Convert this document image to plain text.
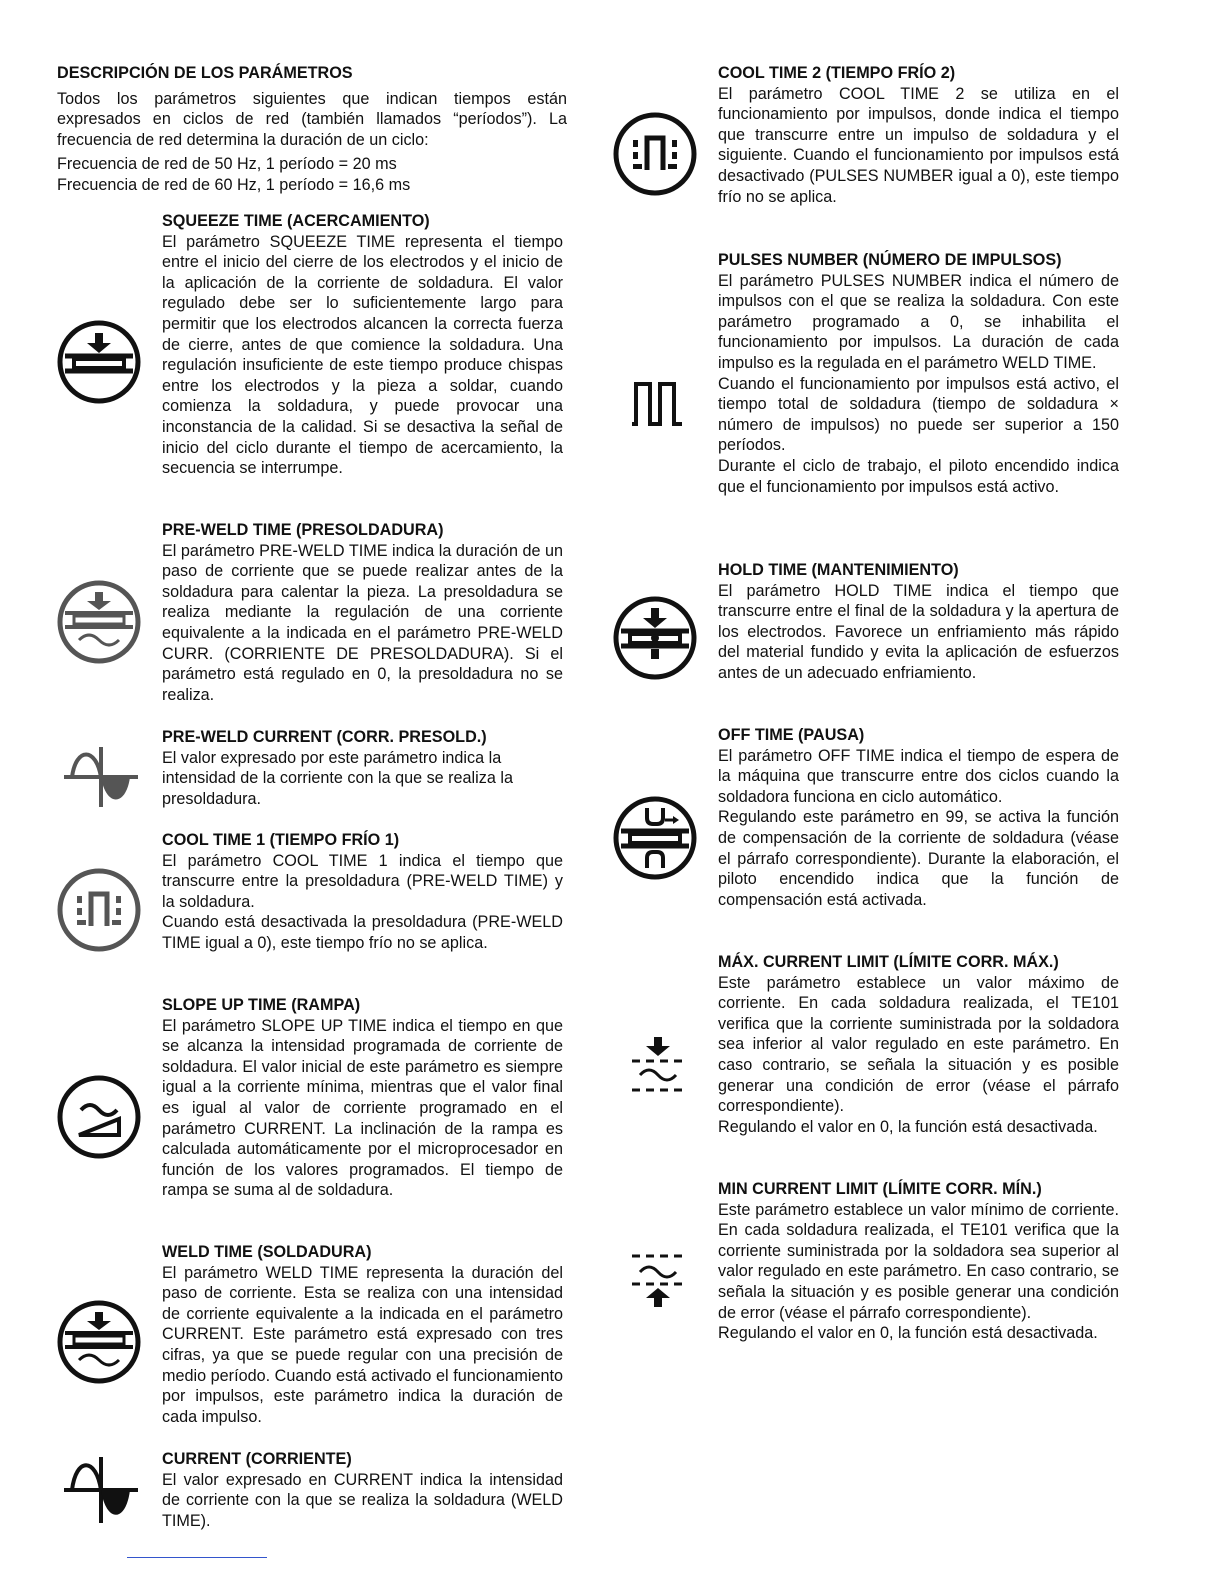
DESCRIPCIÓN DE LOS PARÁMETROS

Todos los parámetros siguientes que indican tiempos están expresados en ciclos de red (también llamados “períodos”). La frecuencia de red determina la duración de un ciclo:

Frecuencia de red de 50 Hz, 1 período = 20 ms

Frecuencia de red de 60 Hz, 1 período = 16,6 ms

SQUEEZE TIME (ACERCAMIENTO)

El parámetro SQUEEZE TIME representa el tiempo entre el inicio del cierre de los electrodos y el inicio de la aplicación de la corriente de soldadura. El valor regulado debe ser lo suficientemente largo para permitir que los electrodos alcancen la correcta fuerza de cierre, antes de que comience la soldadura. Una regulación insuficiente de este tiempo produce chispas entre los electrodos y la pieza a soldar, cuando comienza la soldadura, y puede provocar una inconstancia de la calidad. Si se desactiva la señal de inicio del ciclo durante el tiempo de acercamiento, la secuencia se interrumpe.

PRE-WELD TIME (PRESOLDADURA)

El parámetro PRE-WELD TIME indica la duración de un paso de corriente que se puede realizar antes de la soldadura para calentar la pieza. La presoldadura se realiza mediante la regulación de una corriente equivalente a la indicada en el parámetro PRE-WELD CURR. (CORRIENTE DE PRESOLDADURA). Si el parámetro está regulado en 0, la presoldadura no se realiza.

PRE-WELD CURRENT (CORR. PRESOLD.)

El valor expresado por este parámetro indica la intensidad de la corriente con la que se realiza la presoldadura.

COOL TIME 1 (TIEMPO FRÍO 1)

El parámetro COOL TIME 1 indica el tiempo que transcurre entre la presoldadura (PRE-WELD TIME) y la soldadura.
Cuando está desactivada la presoldadura (PRE-WELD TIME igual a 0), este tiempo frío no se aplica.

SLOPE UP TIME (RAMPA)

El parámetro SLOPE UP TIME indica el tiempo en que se alcanza la intensidad programada de corriente de soldadura. El valor inicial de este parámetro es siempre igual a la corriente mínima, mientras que el valor final es igual al valor de corriente programado en el parámetro CURRENT. La inclinación de la rampa es calculada automáticamente por el microprocesador en función de los valores programados. El tiempo de rampa se suma al de soldadura.

WELD TIME (SOLDADURA)

El parámetro WELD TIME representa la duración del paso de corriente. Esta se realiza con una intensidad de corriente equivalente a la indicada en el parámetro CURRENT. Este parámetro está expresado con tres cifras, ya que se puede regular con una precisión de medio período. Cuando está activado el funcionamiento por impulsos, este parámetro indica la duración de cada impulso.

CURRENT (CORRIENTE)

El valor expresado en CURRENT indica la intensidad de corriente con la que se realiza la soldadura (WELD TIME).

COOL TIME 2 (TIEMPO FRÍO 2)

El parámetro COOL TIME 2 se utiliza en el funcionamiento por impulsos, donde indica el tiempo que transcurre entre un impulso de soldadura y el siguiente. Cuando el funcionamiento por impulsos está desactivado (PULSES NUMBER igual a 0), este tiempo frío no se aplica.

PULSES NUMBER (NÚMERO DE IMPULSOS)

El parámetro PULSES NUMBER indica el número de impulsos con el que se realiza la soldadura. Con este parámetro programado a 0, se inhabilita el funcionamiento por impulsos. La duración de cada impulso es la regulada en el parámetro WELD TIME.
Cuando el funcionamiento por impulsos está activo, el tiempo total de soldadura (tiempo de soldadura × número de impulsos) no puede ser superior a 150 períodos.
Durante el ciclo de trabajo, el piloto encendido indica que el funcionamiento por impulsos está activo.

HOLD TIME (MANTENIMIENTO)

El parámetro HOLD TIME indica el tiempo que transcurre entre el final de la soldadura y la apertura de los electrodos. Favorece un enfriamiento más rápido del material fundido y evita la aplicación de esfuerzos antes de un adecuado enfriamiento.

OFF TIME (PAUSA)

El parámetro OFF TIME indica el tiempo de espera de la máquina que transcurre entre dos ciclos cuando la soldadora funciona en ciclo automático.
Regulando este parámetro en 99, se activa la función de compensación de la corriente de soldadura (véase el párrafo correspondiente). Durante la elaboración, el piloto encendido indica que la función de compensación está activada.

MÁX. CURRENT LIMIT (LÍMITE CORR. MÁX.)

Este parámetro establece un valor máximo de corriente. En cada soldadura realizada, el TE101 verifica que la corriente suministrada por la soldadora sea inferior al valor regulado en este parámetro. En caso contrario, se señala la situación y es posible generar una condición de error (véase el párrafo correspondiente).
Regulando el valor en 0, la función está desactivada.

MIN CURRENT LIMIT (LÍMITE CORR. MÍN.)

Este parámetro establece un valor mínimo de corriente. En cada soldadura realizada, el TE101 verifica que la corriente suministrada por la soldadora sea superior al valor regulado en este parámetro. En caso contrario, se señala la situación y es posible generar una condición de error (véase el párrafo correspondiente).
Regulando el valor en 0, la función está desactivada.
